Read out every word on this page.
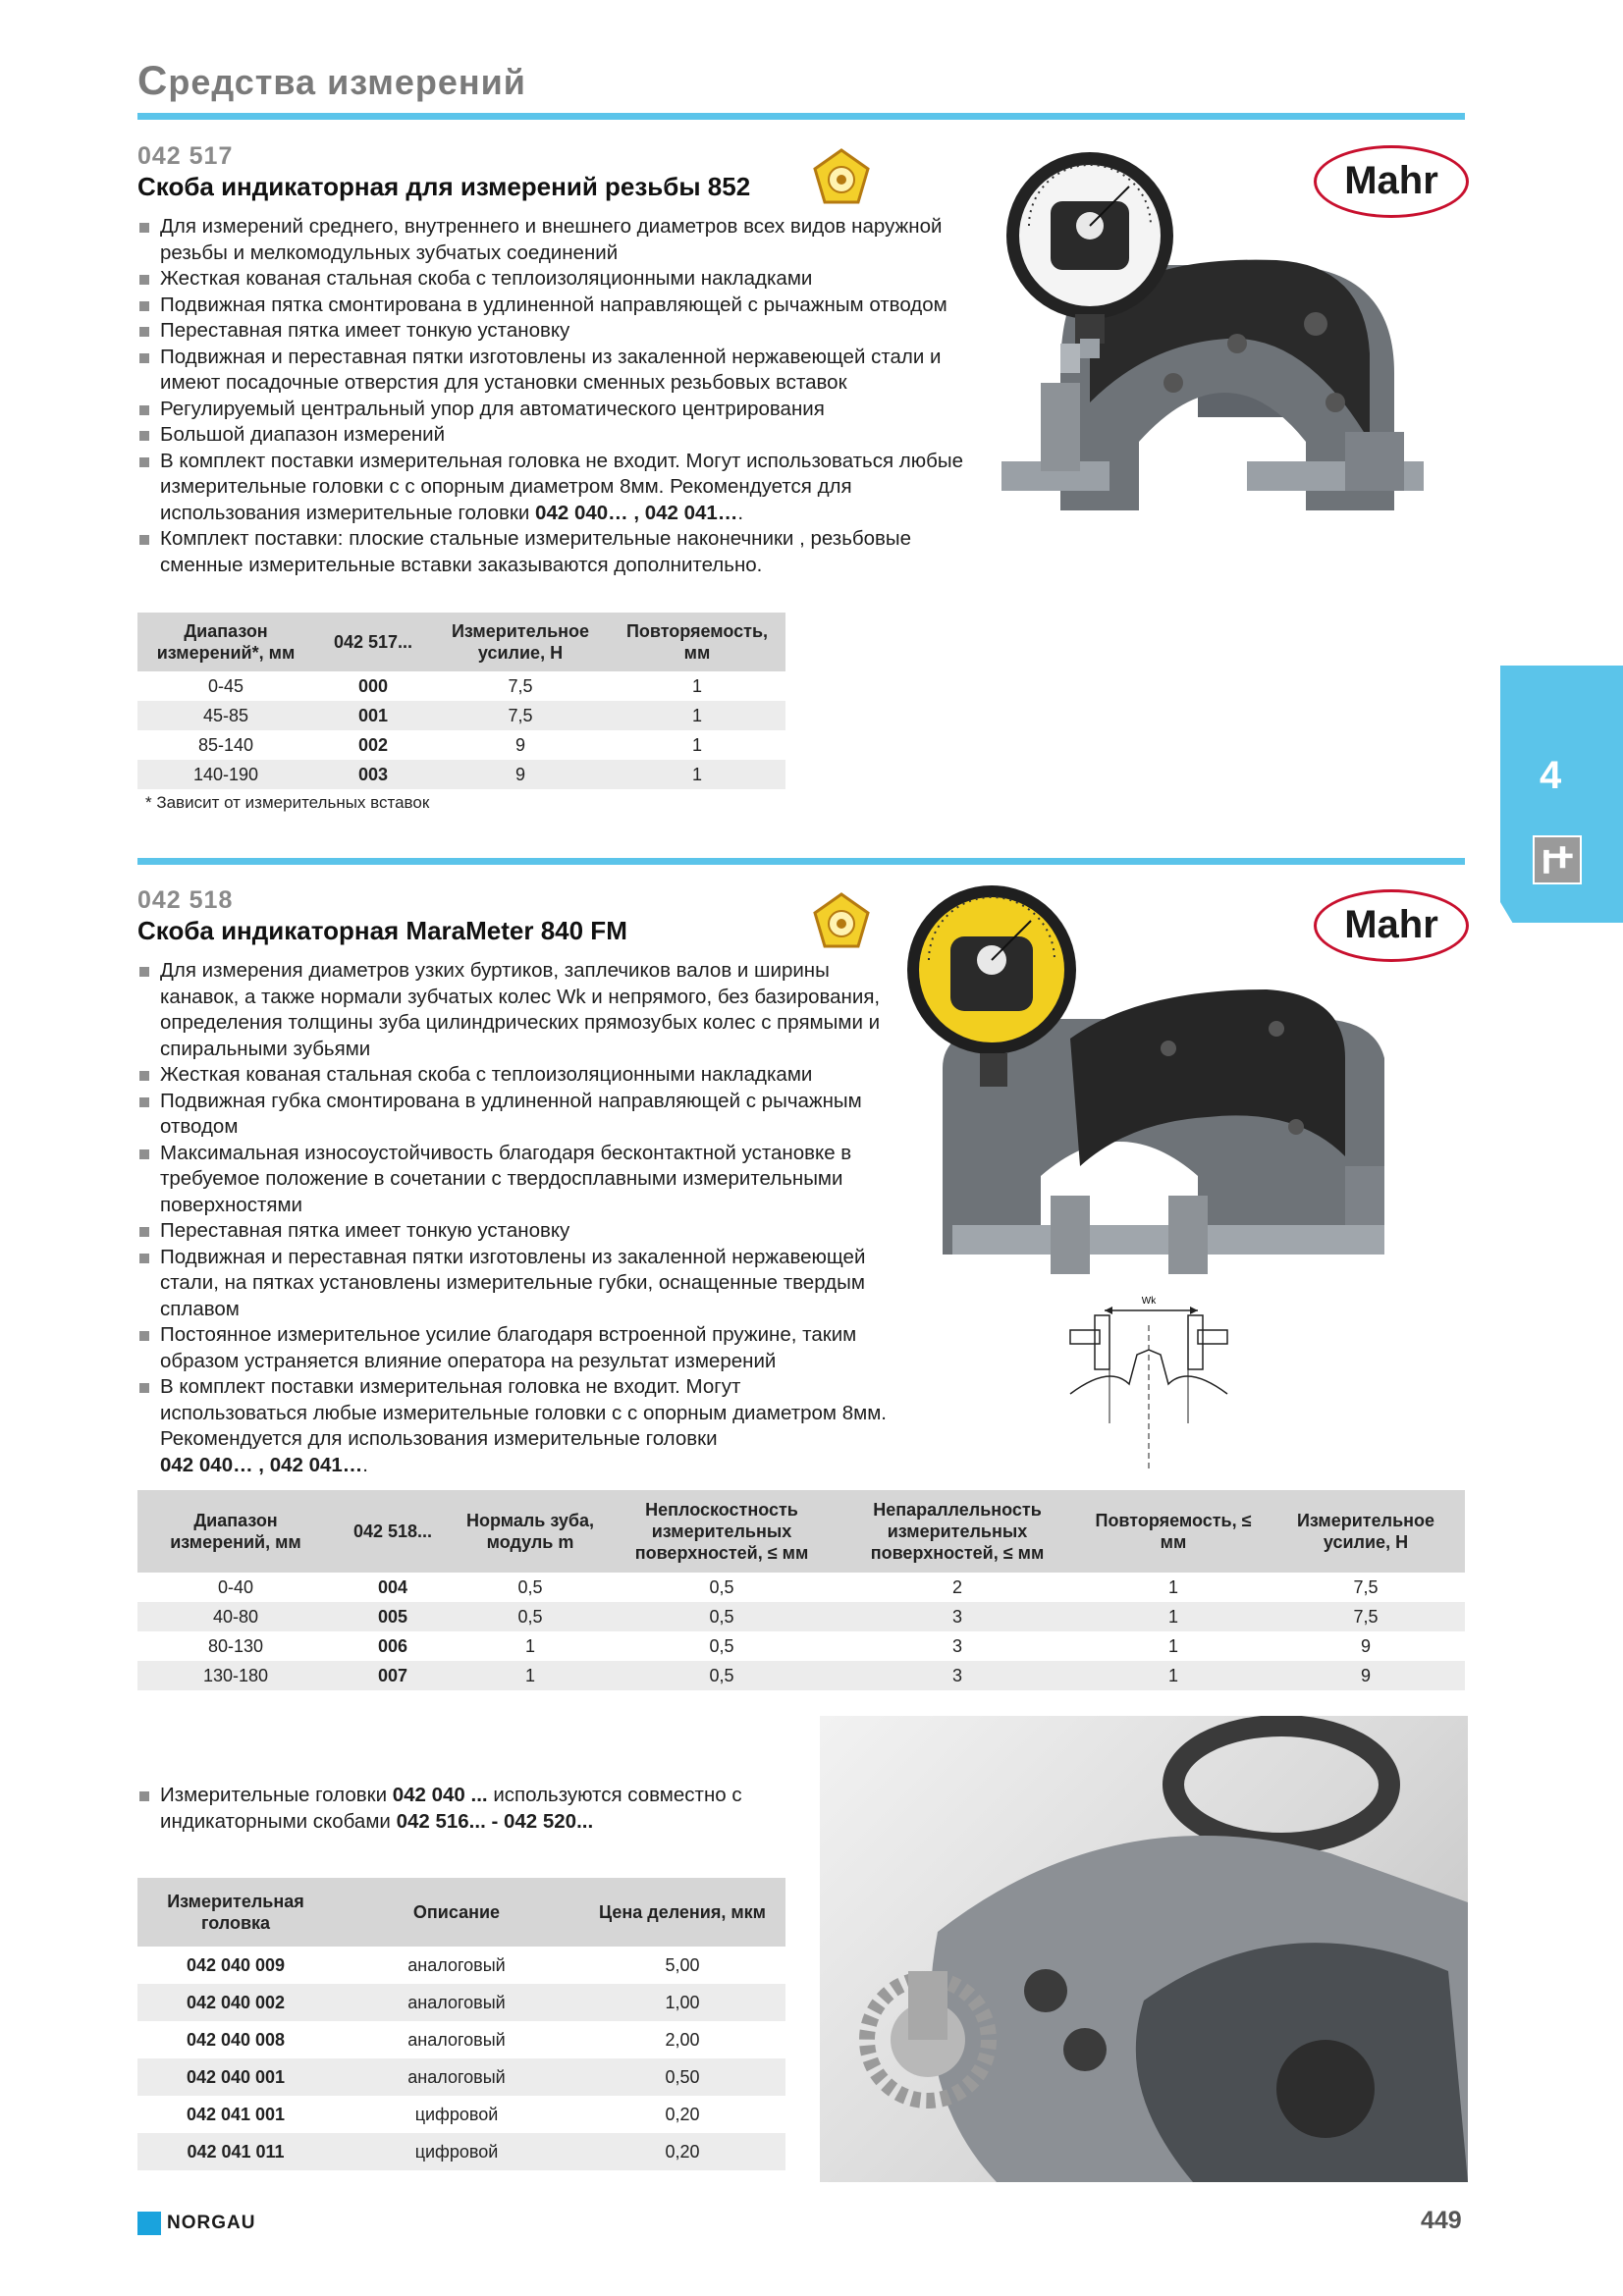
Средства измерений
042 517
Скоба индикаторная для измерений резьбы 852	Mahr
Для измерений среднего, внутреннего и внешнего диаметров всех видов наружной резьбы и мелкомодульных зубчатых соединений
Жесткая кованая стальная скоба с теплоизоляционными накладками
Подвижная пятка смонтирована в удлиненной направляющей с рычажным отводом
Переставная пятка имеет тонкую установку
Подвижная и переставная пятки изготовлены из закаленной нержавеющей стали и имеют посадочные отверстия для установки сменных резьбовых вставок
Регулируемый центральный упор для автоматического центрирования
Большой диапазон измерений
В комплект поставки измерительная головка не входит. Могут использоваться любые измерительные головки с с опорным диаметром 8мм. Рекомендуется для использования измерительные головки 042 040… , 042 041….
Комплект поставки: плоские стальные измерительные наконечники , резьбовые сменные измерительные вставки заказываются дополнительно.
Диапазон измерений*, мм	042 517...	Измерительное усилие, Н	Повторяемость, мм
0-45	000	7,5	1
45-85	001	7,5	1
85-140	002	9	1
140-190	003	9	1
* Зависит от измерительных вставок
4
042 518
Скоба индикаторная MaraMeter 840 FM	Mahr
Для измерения диаметров узких буртиков, заплечиков валов и ширины канавок, а также нормали зубчатых колес Wk и непрямого, без базирования, определения толщины зуба цилиндрических прямозубых колес с прямыми и спиральными зубьями
Жесткая кованая стальная скоба с теплоизоляционными накладками
Подвижная губка смонтирована в удлиненной направляющей с рычажным отводом
Максимальная износоустойчивость благодаря бесконтактной установке в требуемое положение в сочетании с твердосплавными измерительными поверхностями
Переставная пятка имеет тонкую установку
Подвижная и переставная пятки изготовлены из закаленной нержавеющей стали, на пятках установлены измерительные губки, оснащенные твердым сплавом
Постоянное измерительное усилие благодаря встроенной пружине, таким образом устраняется влияние оператора на результат измерений
В комплект поставки измерительная головка не входит. Могут использоваться любые измерительные головки с с опорным диаметром 8мм. Рекомендуется для использования измерительные головки
042 040… , 042 041….
Wk
Диапазон измерений, мм	042 518...	Нормаль зуба, модуль m	Неплоскостность измерительных поверхностей, ≤ мм	Непараллельность измерительных поверхностей, ≤ мм	Повторяемость, ≤ мм	Измерительное усилие, Н
0-40	004	0,5	0,5	2	1	7,5
40-80	005	0,5	0,5	3	1	7,5
80-130	006	1	0,5	3	1	9
130-180	007	1	0,5	3	1	9
Измерительные головки 042 040 ... используются совместно с индикаторными скобами 042 516... - 042 520...
Измерительная головка	Описание	Цена деления, мкм
042 040 009	аналоговый	5,00
042 040 002	аналоговый	1,00
042 040 008	аналоговый	2,00
042 040 001	аналоговый	0,50
042 041 001	цифровой	0,20
042 041 011	цифровой	0,20
NORGAU	449
